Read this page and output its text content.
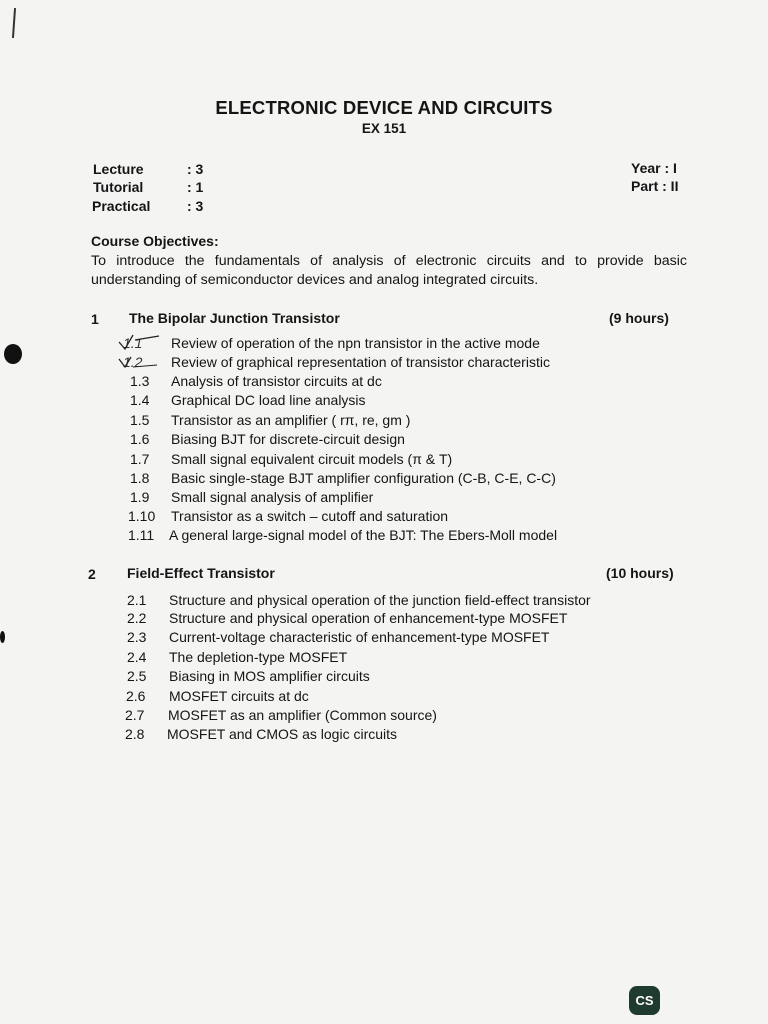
ELECTRONIC DEVICE AND CIRCUITS
EX 151
Lecture	: 3
Tutorial	: 1
Practical	: 3
Year : I
Part : II
Course Objectives:
To introduce the fundamentals of analysis of electronic circuits and to provide basic understanding of semiconductor devices and analog integrated circuits.
1 The Bipolar Junction Transistor	(9 hours)
1.1 Review of operation of the npn transistor in the active mode
1.2 Review of graphical representation of transistor characteristic
1.3 Analysis of transistor circuits at dc
1.4 Graphical DC load line analysis
1.5 Transistor as an amplifier ( rπ, re, gm )
1.6 Biasing BJT for discrete-circuit design
1.7 Small signal equivalent circuit models (π & T)
1.8 Basic single-stage BJT amplifier configuration (C-B, C-E, C-C)
1.9 Small signal analysis of amplifier
1.10 Transistor as a switch – cutoff and saturation
1.11 A general large-signal model of the BJT: The Ebers-Moll model
2 Field-Effect Transistor	(10 hours)
2.1 Structure and physical operation of the junction field-effect transistor
2.2 Structure and physical operation of enhancement-type MOSFET
2.3 Current-voltage characteristic of enhancement-type MOSFET
2.4 The depletion-type MOSFET
2.5 Biasing in MOS amplifier circuits
2.6 MOSFET circuits at dc
2.7 MOSFET as an amplifier (Common source)
2.8 MOSFET and CMOS as logic circuits
CS
